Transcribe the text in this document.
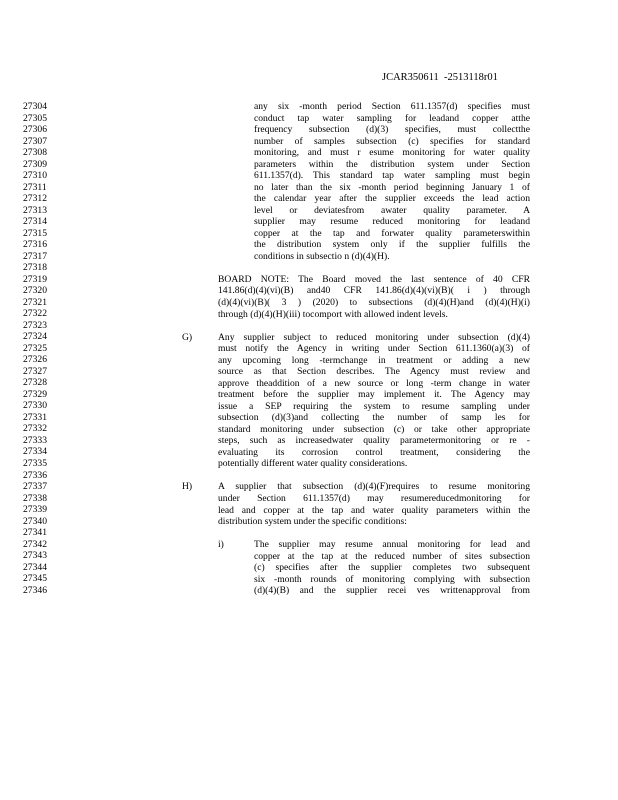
JCAR350611 -2513118r01
27304
27305
27306
27307
27308
27309
27310
27311
27312
27313
27314
27315
27316
27317
27318
27319
27320
27321
27322
27323
27324
27325
27326
27327
27328
27329
27330
27331
27332
27333
27334
27335
27336
27337
27338
27339
27340
27341
27342
27343
27344
27345
27346
any six -month period Section 611.1357(d) specifies must
conduct tap water sampling for leadand copper atthe
frequency subsection (d)(3) specifies, must collectthe
number of samples subsection (c) specifies for standard
monitoring, and must r esume monitoring for water quality
parameters within the distribution system under Section
611.1357(d). This standard tap water sampling must begin
no later than the six -month period beginning January 1 of
the calendar year after the supplier exceeds the lead action
level or deviatesfrom awater quality parameter. A
supplier may resume reduced monitoring for leadand
copper at the tap and forwater quality parameterswithin
the distribution system only if the supplier fulfills the
conditions in subsectio n (d)(4)(H).
BOARD NOTE: The Board moved the last sentence of 40 CFR
141.86(d)(4)(vi)(B) and40 CFR 141.86(d)(4)(vi)(B)( i ) through
(d)(4)(vi)(B)( 3 ) (2020) to subsections (d)(4)(H)and (d)(4)(H)(i)
through (d)(4)(H)(iii) tocomport with allowed indent levels.
G)	Any supplier subject to reduced monitoring under subsection (d)(4)
must notify the Agency in writing under Section 611.1360(a)(3) of
any upcoming long -termchange in treatment or adding a new
source as that Section describes. The Agency must review and
approve theaddition of a new source or long -term change in water
treatment before the supplier may implement it. The Agency may
issue a SEP requiring the system to resume sampling under
subsection (d)(3)and collecting the number of samp les for
standard monitoring under subsection (c) or take other appropriate
steps, such as increasedwater quality parametermonitoring or re -
evaluating its corrosion control treatment, considering the
potentially different water quality considerations.
H)	A supplier that subsection (d)(4)(F)requires to resume monitoring
under Section 611.1357(d) may resumereducedmonitoring for
lead and copper at the tap and water quality parameters within the
distribution system under the specific conditions:
i)	The supplier may resume annual monitoring for lead and
copper at the tap at the reduced number of sites subsection
(c) specifies after the supplier completes two subsequent
six -month rounds of monitoring complying with subsection
(d)(4)(B) and the supplier recei ves writtenapproval from
